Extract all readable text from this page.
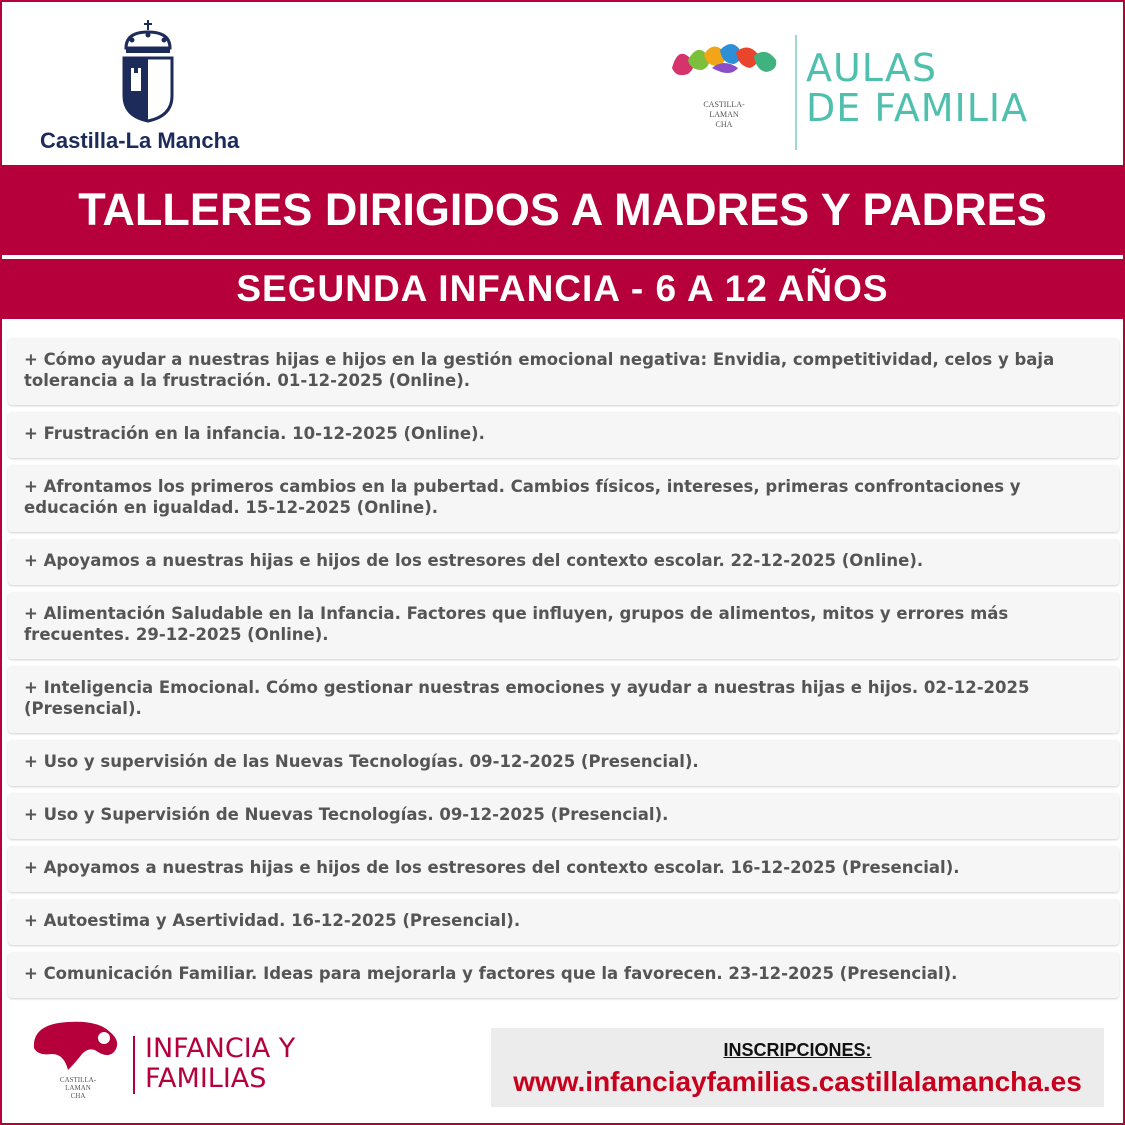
Castilla-La Mancha
CASTILLA-
LAMAN
CHA
AULAS
DE FAMILIA
TALLERES DIRIGIDOS A MADRES Y PADRES
SEGUNDA INFANCIA - 6 A 12 AÑOS
+ Cómo ayudar a nuestras hijas e hijos en la gestión emocional negativa: Envidia, competitividad, celos y baja tolerancia a la frustración. 01-12-2025 (Online).
+ Frustración en la infancia. 10-12-2025 (Online).
+ Afrontamos los primeros cambios en la pubertad. Cambios físicos, intereses, primeras confrontaciones y educación en igualdad. 15-12-2025 (Online).
+ Apoyamos a nuestras hijas e hijos de los estresores del contexto escolar. 22-12-2025 (Online).
+ Alimentación Saludable en la Infancia. Factores que influyen, grupos de alimentos, mitos y errores más frecuentes. 29-12-2025 (Online).
+ Inteligencia Emocional. Cómo gestionar nuestras emociones y ayudar a nuestras hijas e hijos. 02-12-2025 (Presencial).
+ Uso y supervisión de las Nuevas Tecnologías. 09-12-2025 (Presencial).
+ Uso y Supervisión de Nuevas Tecnologías. 09-12-2025 (Presencial).
+ Apoyamos a nuestras hijas e hijos de los estresores del contexto escolar. 16-12-2025 (Presencial).
+ Autoestima y Asertividad. 16-12-2025 (Presencial).
+ Comunicación Familiar. Ideas para mejorarla y factores que la favorecen. 23-12-2025 (Presencial).
CASTILLA-
LAMAN
CHA
INFANCIA Y
FAMILIAS
INSCRIPCIONES:
www.infanciayfamilias.castillalamancha.es
